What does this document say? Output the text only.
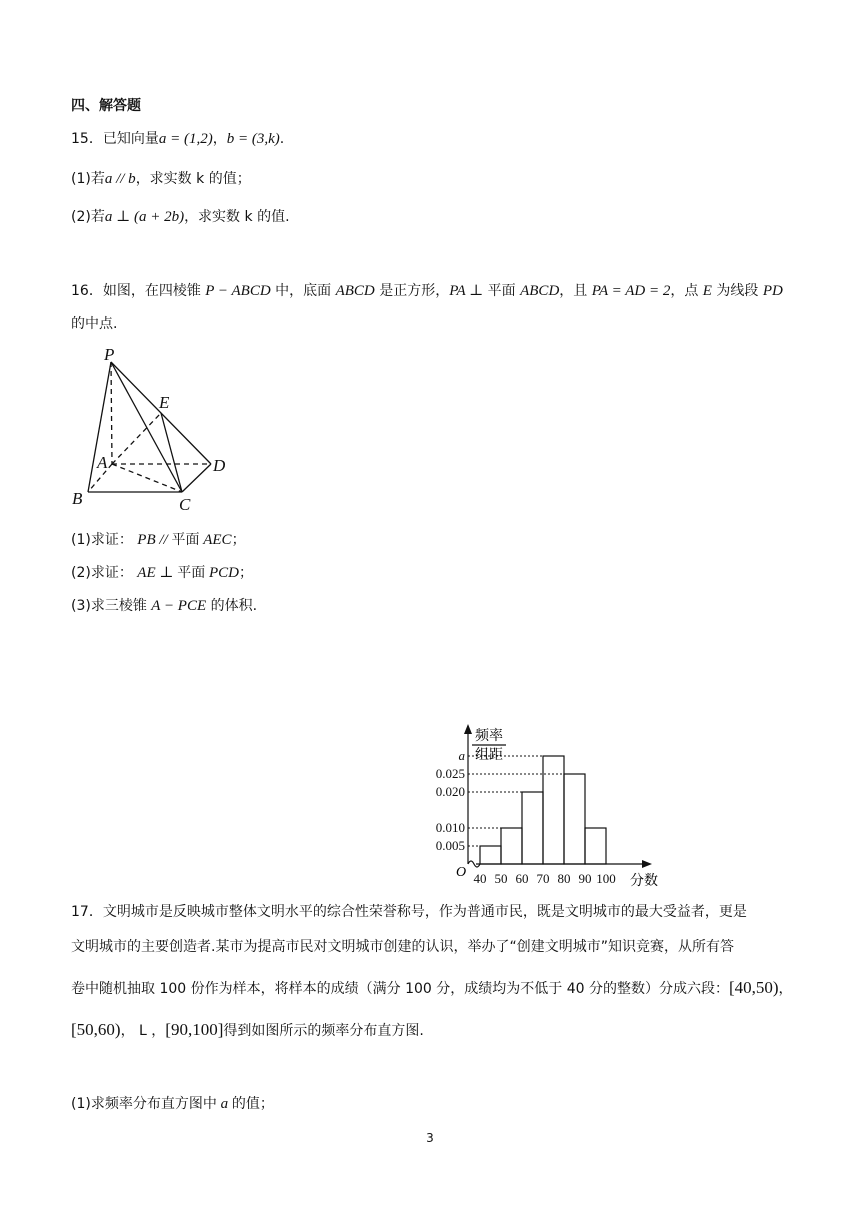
四、解答题
15．已知向量a = (1,2)，b = (3,k).
(1)若a // b，求实数 k 的值；
(2)若a ⊥ (a + 2b)，求实数 k 的值.
16．如图，在四棱锥 P − ABCD 中，底面 ABCD 是正方形，PA ⊥ 平面 ABCD，且 PA = AD = 2，点 E 为线段 PD
的中点.
P
E
A	D
B	C
(1)求证： PB // 平面 AEC；
(2)求证： AE ⊥ 平面 PCD；
(3)求三棱锥 A − PCE 的体积.
a
0.025
0.020
0.010
0.005
40 50 60 70 80 90 100
频率
组距
O
分数
17．文明城市是反映城市整体文明水平的综合性荣誉称号，作为普通市民，既是文明城市的最大受益者，更是
文明城市的主要创造者.某市为提高市民对文明城市创建的认识，举办了“创建文明城市”知识竞赛，从所有答
卷中随机抽取 100 份作为样本，将样本的成绩（满分 100 分，成绩均为不低于 40 分的整数）分成六段：[40,50)，
[50,60)， L ，[90,100]得到如图所示的频率分布直方图.
(1)求频率分布直方图中 a 的值；
3
